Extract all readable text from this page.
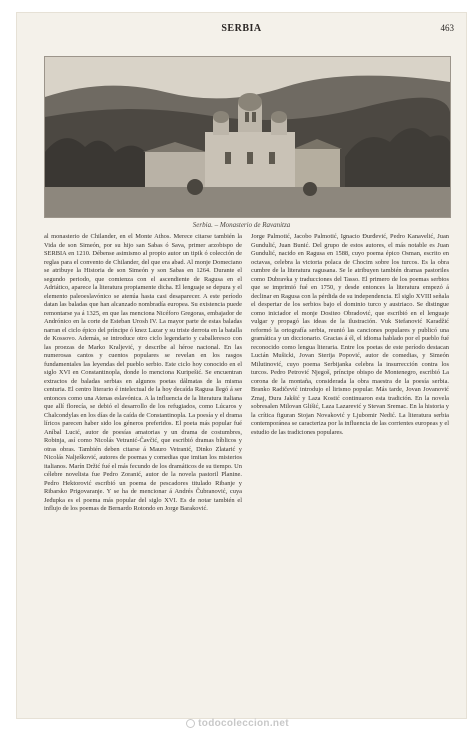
SERBIA	463
Serbia. – Monasterio de Ravanitza

al monasterio de Chilander, en el Monte Athos. Merece citarse también la Vida de son Simeón, por su hijo san Sabas ó Sava, primer arzobispo de SERBIA en 1210. Débense asimismo al propio autor un tipik ó colección de reglas para el convento de Chilander, del que era abad. Al monje Domeciano se atribuye la Historia de son Simeón y son Sabas en 1264. Durante el segundo periodo, que comienza con el ascendiente de Ragusa en el Adriático, aparece la literatura propiamente dicha. El lenguaje se depura y el elemento paleoeslavónico se atenúa hasta casi desaparecer. A este período datan las baladas que han alcanzado nombradía europea. Su existencia puede remontarse ya á 1325, en que las menciona Nicéforo Gregoras, embajador de Andrónico en la corte de Esteban Urosh IV. La mayor parte de estas baladas narran el ciclo épico del príncipe ó knez Lazar y su triste derrota en la batalla de Kossovo. Además, se introduce otro ciclo legendario y caballeresco con las proezas de Marko Kraljević, y describe al héroe nacional. En las numerosas cantos y cuentos populares se revelan en los rasgos fundamentales las leyendas del pueblo serbio. Este ciclo hoy conocido en el siglo XVI en Constantinopla, donde lo menciona Kuripešić. Se encuentran extractos de baladas serbias en algunos poetas dálmatas de la misma centuria. El centro literario é intelectual de la hoy decaída Ragusa llegó á ser entonces como una Atenas eslavónica. A la influencia de la literatura italiana que allí florecía, se debió el desarrollo de los refugiados, como Lúcaros y Chalcondylas en los días de la caída de Constantinopla. La poesía y el drama líricos parecen haber sido los géneros preferidos. El poeta más popular fué Aníbal Lucić, autor de poesías amatorias y un drama de costumbres, Robinja, así como Nicolás Vetranić-Čavčić, que escribió dramas bíblicos y otras obras. También deben citarse á Mauro Vetranić, Dinko Zlatarić y Nicolás Nalješković, autores de poemas y comedias que imitan los misterios italianos. Marín Držić fué el más fecundo de los dramáticos de su tiempo. Un célebre novelista fue Pedro Zoranić, autor de la novela pastoril Planine. Pedro Hektorović escribió un poema de pescadores titulado Ribanje y Ribarsko Prigovaranje. Y se ha de mencionar á Andrés Čubranović, cuya Jeđupka es el poema más popular del siglo XVI. Es de notar también el influjo de los poemas de Bernardo Rotondo en Jorge Baraković.

Jorge Palmotić, Jacobo Palmotić, Ignacio Đurđević, Pedro Kanavelić, Juan Gundulić, Juan Bunić. Del grupo de estos autores, el más notable es Juan Gundulić, nacido en Ragusa en 1588, cuyo poema épico Osman, escrito en octavas, celebra la victoria polaca de Chocim sobre los turcos. Es la obra cumbre de la literatura ragusana. Se le atribuyen también dramas pastoriles como Dubravka y traducciones del Tasso. El primero de los poemas serbios que se imprimió fué en 1750, y desde entonces la literatura empezó á declinar en Ragusa con la pérdida de su independencia. El siglo XVIII señala el despertar de los serbios bajo el dominio turco y austriaco. Se distingue como iniciador el monje Dositeo Obradović, que escribió en el lenguaje vulgar y propagó las ideas de la ilustración. Vuk Stefanović Karadžić reformó la ortografía serbia, reunió las canciones populares y publicó una gramática y un diccionario. Gracias á él, el idioma hablado por el pueblo fué reconocido como lengua literaria. Entre los poetas de este período destacan Lucián Mušicki, Jovan Sterija Popović, autor de comedias, y Simeón Milutinović, cuyo poema Serbijanka celebra la insurrección contra los turcos. Pedro Petrović Njegoš, príncipe obispo de Montenegro, escribió La corona de la montaña, considerada la obra maestra de la poesía serbia. Branko Radičević introdujo el lirismo popular. Más tarde, Jovan Jovanović Zmaj, Đura Jakšić y Laza Kostić continuaron esta tradición. En la novela sobresalen Milovan Glišić, Laza Lazarević y Stevan Sremac. En la historia y la crítica figuran Stojan Novaković y Ljubomir Nedić. La literatura serbia contemporánea se caracteriza por la influencia de las corrientes europeas y el estudio de las tradiciones populares.

todocoleccion.net
